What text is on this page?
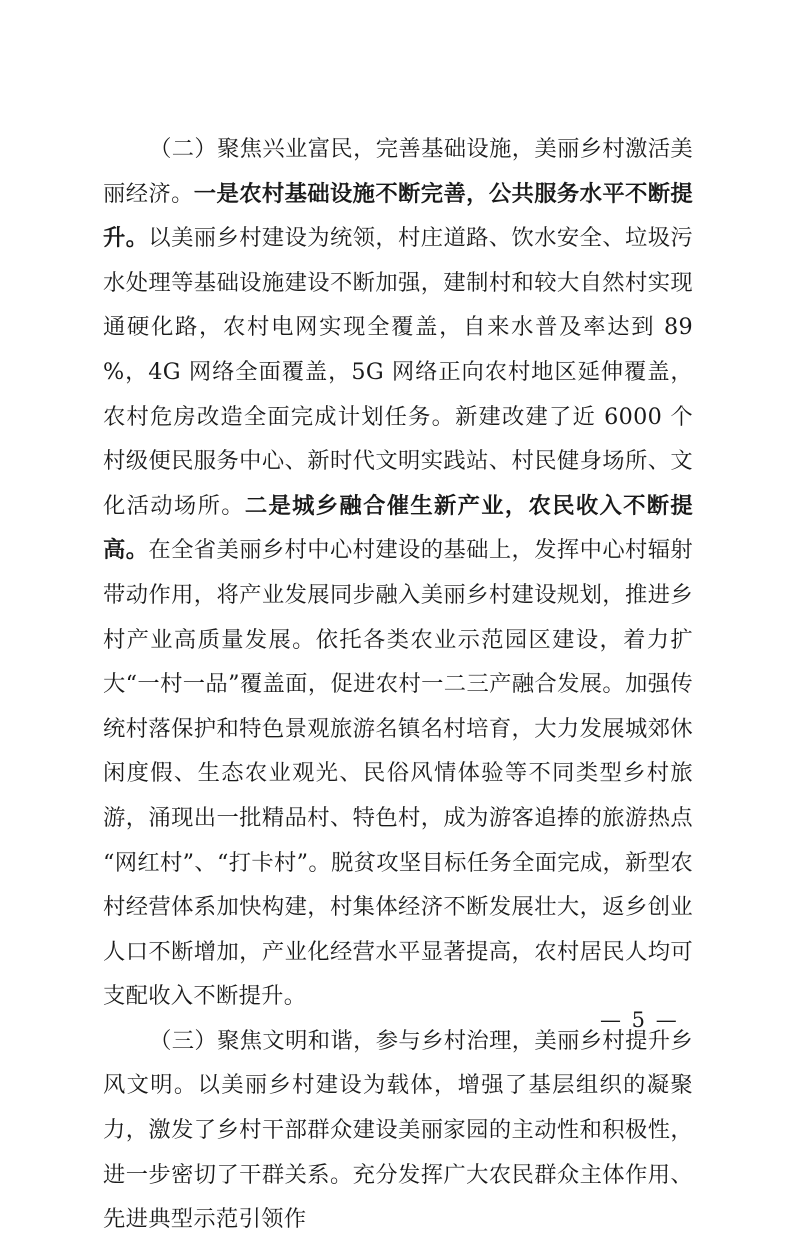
（二）聚焦兴业富民，完善基础设施，美丽乡村激活美丽经济。一是农村基础设施不断完善，公共服务水平不断提升。以美丽乡村建设为统领，村庄道路、饮水安全、垃圾污水处理等基础设施建设不断加强，建制村和较大自然村实现通硬化路，农村电网实现全覆盖，自来水普及率达到 89 %，4G 网络全面覆盖，5G 网络正向农村地区延伸覆盖，农村危房改造全面完成计划任务。新建改建了近 6000 个村级便民服务中心、新时代文明实践站、村民健身场所、文化活动场所。二是城乡融合催生新产业，农民收入不断提高。在全省美丽乡村中心村建设的基础上，发挥中心村辐射带动作用，将产业发展同步融入美丽乡村建设规划，推进乡村产业高质量发展。依托各类农业示范园区建设，着力扩大“一村一品”覆盖面，促进农村一二三产融合发展。加强传统村落保护和特色景观旅游名镇名村培育，大力发展城郊休闲度假、生态农业观光、民俗风情体验等不同类型乡村旅游，涌现出一批精品村、特色村，成为游客追捧的旅游热点 “网红村”、“打卡村”。脱贫攻坚目标任务全面完成，新型农村经营体系加快构建，村集体经济不断发展壮大，返乡创业人口不断增加，产业化经营水平显著提高，农村居民人均可支配收入不断提升。

（三）聚焦文明和谐，参与乡村治理，美丽乡村提升乡风文明。以美丽乡村建设为载体，增强了基层组织的凝聚力，激发了乡村干部群众建设美丽家园的主动性和积极性，进一步密切了干群关系。充分发挥广大农民群众主体作用、先进典型示范引领作

— 5 —
